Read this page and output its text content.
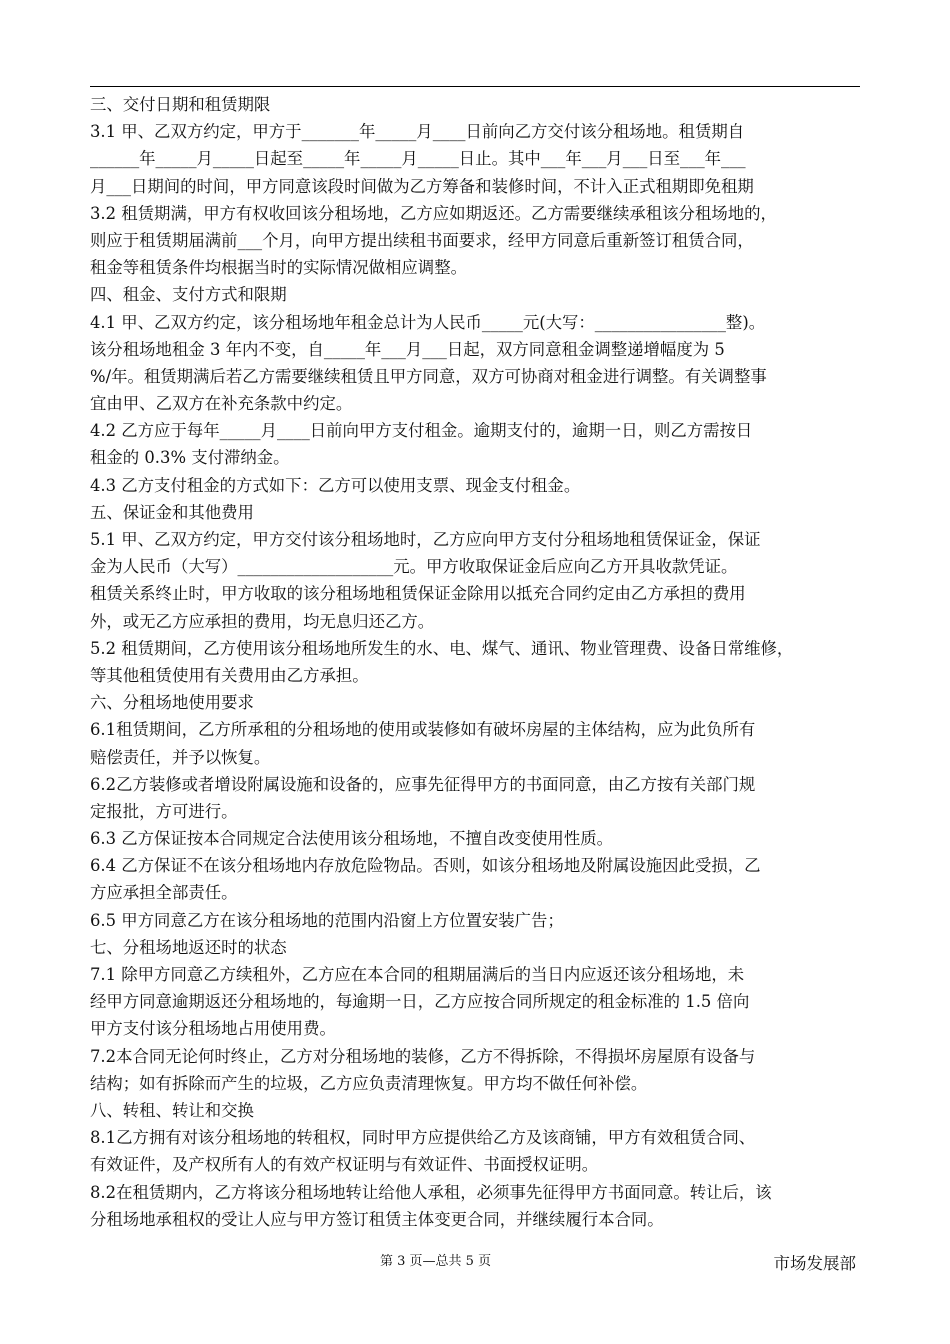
三、交付日期和租赁期限
3.1 甲、乙双方约定，甲方于_______年_____月____日前向乙方交付该分租场地。租赁期自
______年_____月_____日起至_____年_____月_____日止。其中___年___月___日至___年___
月___日期间的时间，甲方同意该段时间做为乙方筹备和装修时间，不计入正式租期即免租期
3.2 租赁期满，甲方有权收回该分租场地，乙方应如期返还。乙方需要继续承租该分租场地的，
则应于租赁期届满前___个月，向甲方提出续租书面要求，经甲方同意后重新签订租赁合同，
租金等租赁条件均根据当时的实际情况做相应调整。
四、租金、支付方式和限期
4.1 甲、乙双方约定，该分租场地年租金总计为人民币_____元(大写：________________整)。
该分租场地租金 3 年内不变，自_____年___月___日起，双方同意租金调整递增幅度为 5
%/年。租赁期满后若乙方需要继续租赁且甲方同意，双方可协商对租金进行调整。有关调整事
宜由甲、乙双方在补充条款中约定。
4.2 乙方应于每年_____月____日前向甲方支付租金。逾期支付的，逾期一日，则乙方需按日
租金的 0.3% 支付滞纳金。
4.3 乙方支付租金的方式如下：乙方可以使用支票、现金支付租金。
五、保证金和其他费用
5.1 甲、乙双方约定，甲方交付该分租场地时，乙方应向甲方支付分租场地租赁保证金，保证
金为人民币（大写）___________________元。甲方收取保证金后应向乙方开具收款凭证。
租赁关系终止时，甲方收取的该分租场地租赁保证金除用以抵充合同约定由乙方承担的费用
外，或无乙方应承担的费用，均无息归还乙方。
5.2 租赁期间，乙方使用该分租场地所发生的水、电、煤气、通讯、物业管理费、设备日常维修，
等其他租赁使用有关费用由乙方承担。
六、分租场地使用要求
6.1租赁期间，乙方所承租的分租场地的使用或装修如有破坏房屋的主体结构，应为此负所有
赔偿责任，并予以恢复。
6.2乙方装修或者增设附属设施和设备的，应事先征得甲方的书面同意，由乙方按有关部门规
定报批，方可进行。
6.3 乙方保证按本合同规定合法使用该分租场地，不擅自改变使用性质。
6.4 乙方保证不在该分租场地内存放危险物品。否则，如该分租场地及附属设施因此受损，乙
方应承担全部责任。
6.5 甲方同意乙方在该分租场地的范围内沿窗上方位置安装广告；
七、分租场地返还时的状态
7.1 除甲方同意乙方续租外，乙方应在本合同的租期届满后的当日内应返还该分租场地，未
经甲方同意逾期返还分租场地的，每逾期一日，乙方应按合同所规定的租金标准的 1.5 倍向
甲方支付该分租场地占用使用费。
7.2本合同无论何时终止，乙方对分租场地的装修，乙方不得拆除，不得损坏房屋原有设备与
结构；如有拆除而产生的垃圾，乙方应负责清理恢复。甲方均不做任何补偿。
八、转租、转让和交换
8.1乙方拥有对该分租场地的转租权，同时甲方应提供给乙方及该商铺，甲方有效租赁合同、
有效证件，及产权所有人的有效产权证明与有效证件、书面授权证明。
8.2在租赁期内，乙方将该分租场地转让给他人承租，必须事先征得甲方书面同意。转让后，该
分租场地承租权的受让人应与甲方签订租赁主体变更合同，并继续履行本合同。
第 3 页—总共 5 页	市场发展部
